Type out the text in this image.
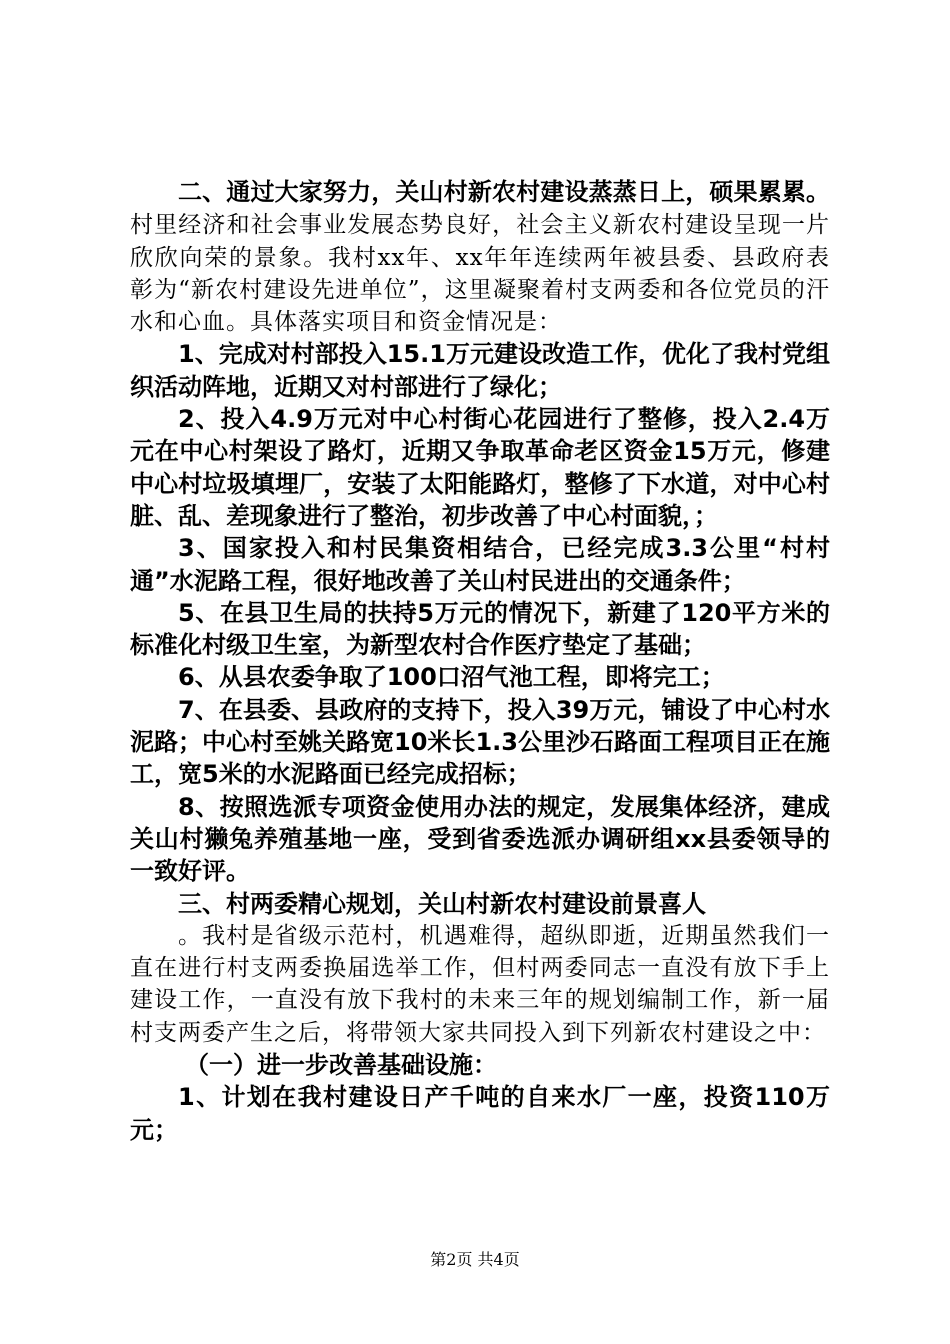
二、通过大家努力，关山村新农村建设蒸蒸日上，硕果累累。村里经济和社会事业发展态势良好，社会主义新农村建设呈现一片欣欣向荣的景象。我村xx年、xx年年连续两年被县委、县政府表彰为“新农村建设先进单位”，这里凝聚着村支两委和各位党员的汗水和心血。具体落实项目和资金情况是：

1、完成对村部投入15.1万元建设改造工作，优化了我村党组织活动阵地，近期又对村部进行了绿化；

2、投入4.9万元对中心村街心花园进行了整修，投入2.4万元在中心村架设了路灯，近期又争取革命老区资金15万元，修建中心村垃圾填埋厂，安装了太阳能路灯，整修了下水道，对中心村脏、乱、差现象进行了整治，初步改善了中心村面貌，；

3、国家投入和村民集资相结合，已经完成3.3公里“村村通”水泥路工程，很好地改善了关山村民进出的交通条件；

5、在县卫生局的扶持5万元的情况下，新建了120平方米的标准化村级卫生室，为新型农村合作医疗垫定了基础；

6、从县农委争取了100口沼气池工程，即将完工；

7、在县委、县政府的支持下，投入39万元，铺设了中心村水泥路；中心村至姚关路宽10米长1.3公里沙石路面工程项目正在施工，宽5米的水泥路面已经完成招标；

8、按照选派专项资金使用办法的规定，发展集体经济，建成关山村獭兔养殖基地一座，受到省委选派办调研组xx县委领导的一致好评。

三、村两委精心规划，关山村新农村建设前景喜人

。我村是省级示范村，机遇难得，超纵即逝，近期虽然我们一直在进行村支两委换届选举工作，但村两委同志一直没有放下手上建设工作，一直没有放下我村的未来三年的规划编制工作，新一届村支两委产生之后，将带领大家共同投入到下列新农村建设之中：

（一）进一步改善基础设施：

1、计划在我村建设日产千吨的自来水厂一座，投资110万元；

第2页 共4页
